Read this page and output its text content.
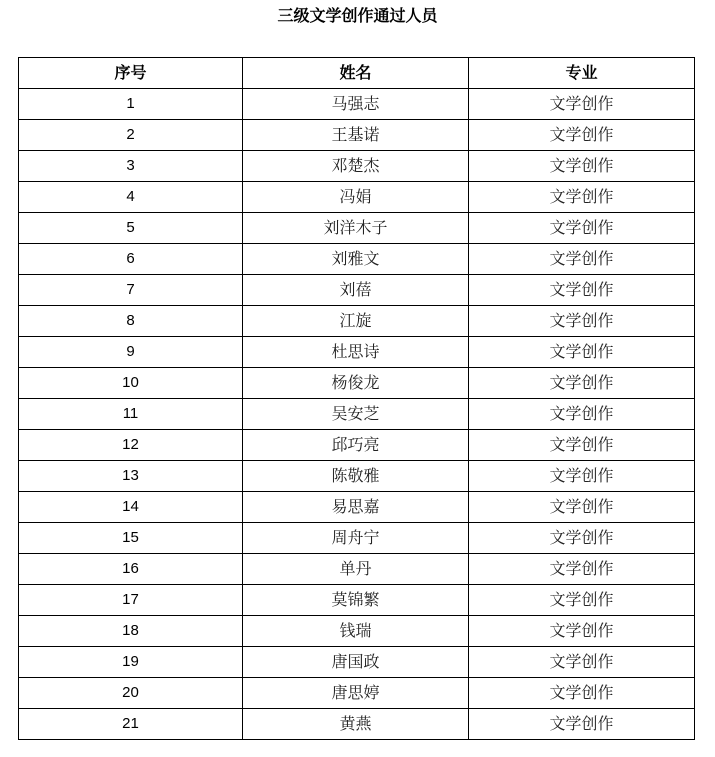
三级文学创作通过人员
序号	姓名	专业
1	马强志	文学创作
2	王基诺	文学创作
3	邓楚杰	文学创作
4	冯娟	文学创作
5	刘洋木子	文学创作
6	刘雅文	文学创作
7	刘蓓	文学创作
8	江旋	文学创作
9	杜思诗	文学创作
10	杨俊龙	文学创作
11	吴安芝	文学创作
12	邱巧亮	文学创作
13	陈敬雅	文学创作
14	易思嘉	文学创作
15	周舟宁	文学创作
16	单丹	文学创作
17	莫锦繁	文学创作
18	钱瑞	文学创作
19	唐国政	文学创作
20	唐思婷	文学创作
21	黄燕	文学创作
